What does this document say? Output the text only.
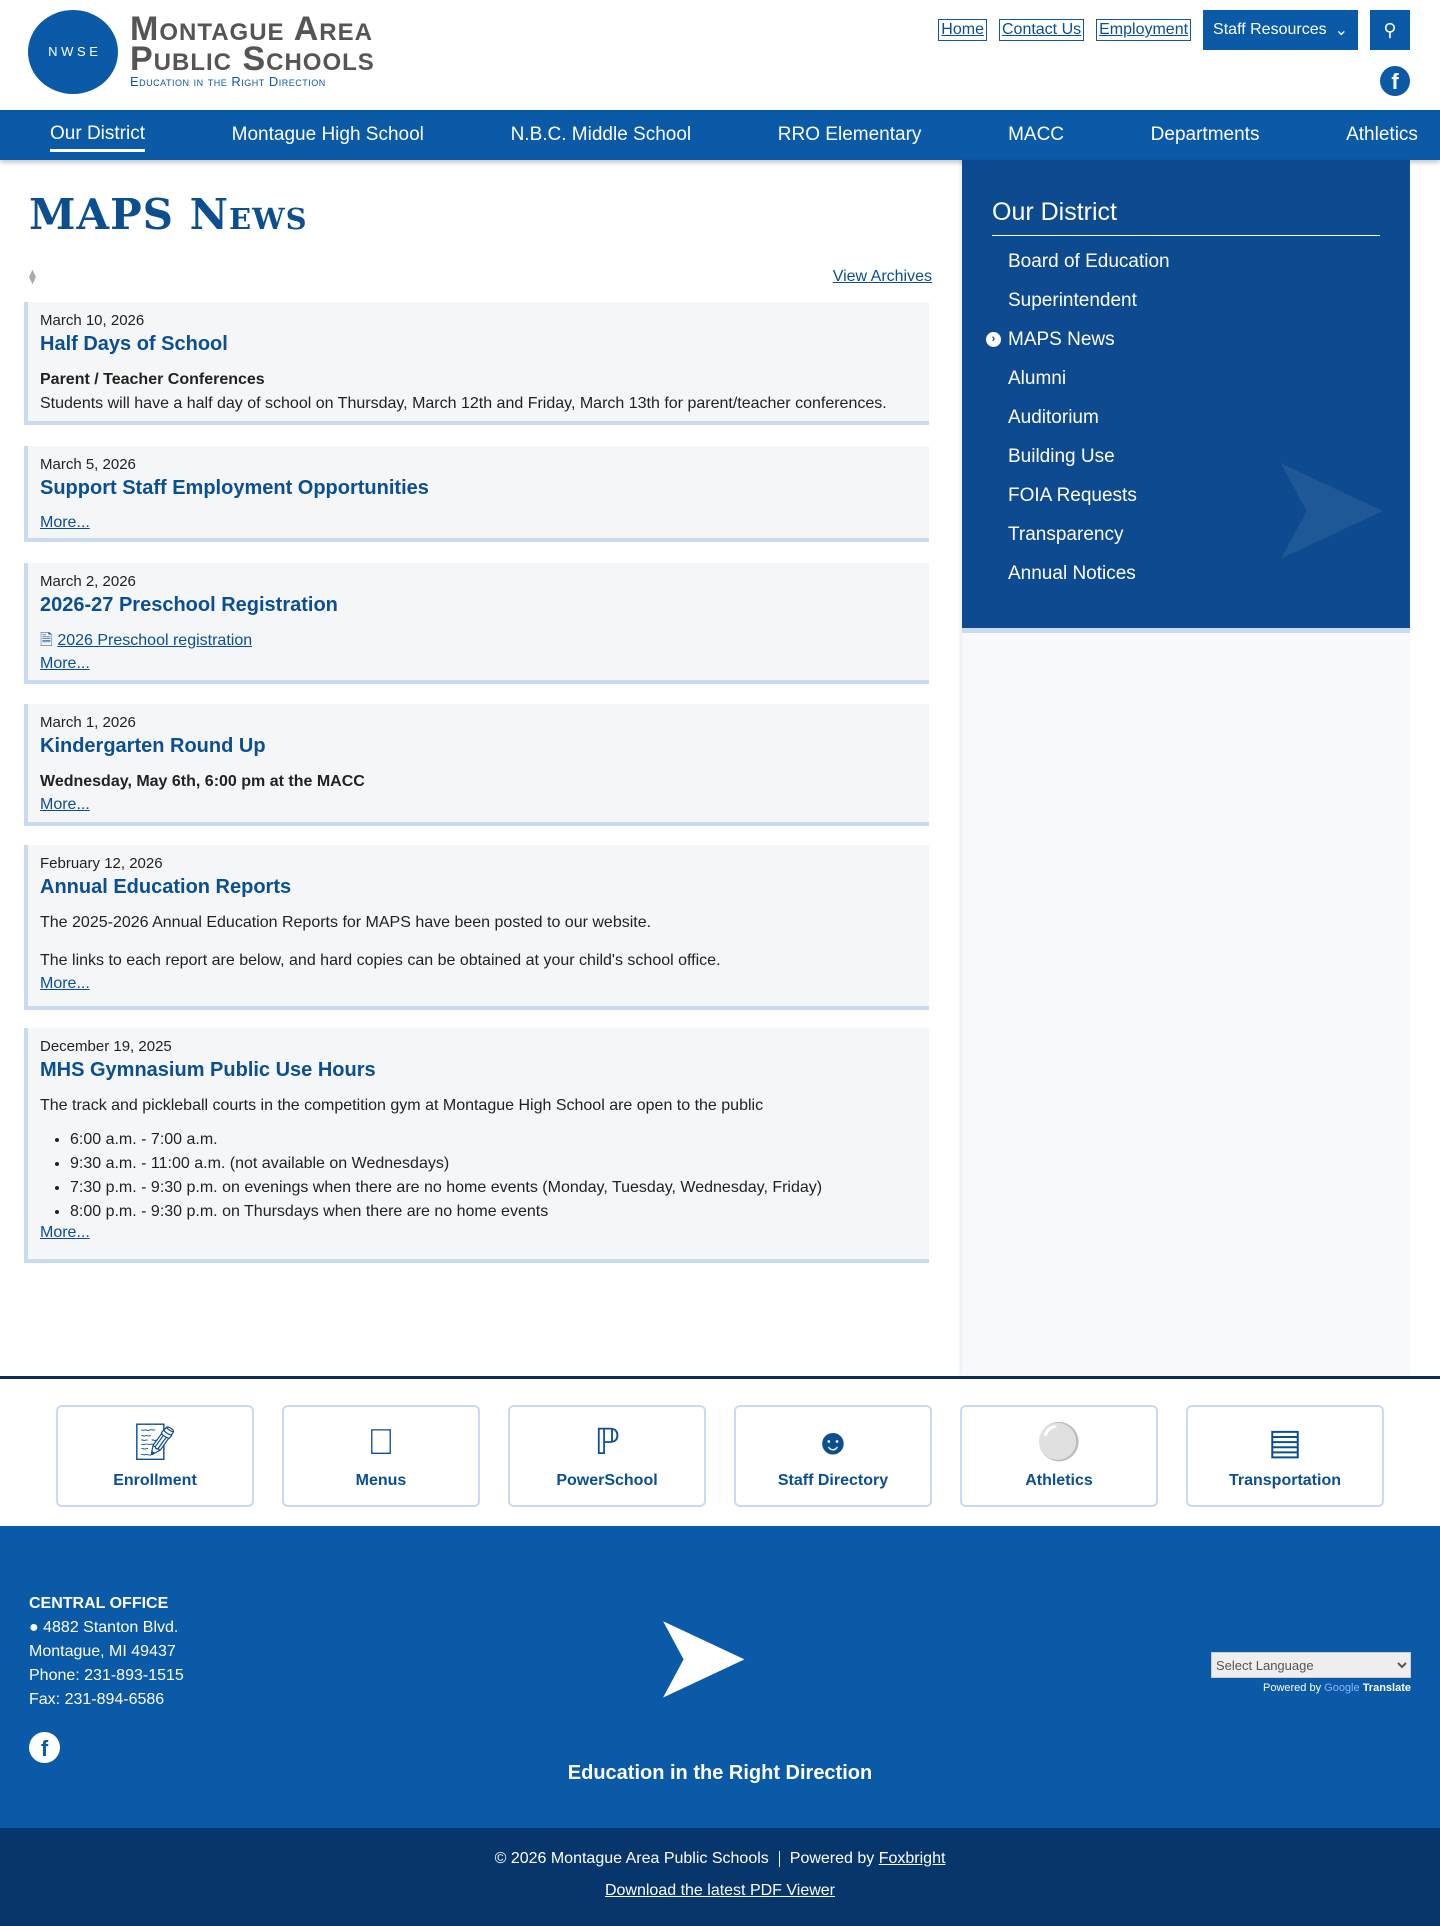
N W S E
Montague Area
Public Schools
Education in the Right Direction
Home Contact Us Employment Staff Resources ⌄ ⚲
f
Our District	Montague High School	N.B.C. Middle School	RRO Elementary	MACC	Departments	Athletics
MAPS News
⧫	View Archives
March 10, 2026
Half Days of School

Parent / Teacher Conferences

Students will have a half day of school on Thursday, March 12th and Friday, March 13th for parent/teacher conferences.

March 5, 2026
Support Staff Employment Opportunities
More...
March 2, 2026
2026-27 Preschool Registration

🗎 2026 Preschool registration

More...
March 1, 2026
Kindergarten Round Up

Wednesday, May 6th, 6:00 pm at the MACC

More...
February 12, 2026
Annual Education Reports

The 2025-2026 Annual Education Reports for MAPS have been posted to our website.

The links to each report are below, and hard copies can be obtained at your child's school office.

More...
December 19, 2025
MHS Gymnasium Public Use Hours

The track and pickleball courts in the competition gym at Montague High School are open to the public

• 6:00 a.m. - 7:00 a.m.
• 9:30 a.m. - 11:00 a.m. (not available on Wednesdays)
• 7:30 p.m. - 9:30 p.m. on evenings when there are no home events (Monday, Tuesday, Wednesday, Friday)
• 8:00 p.m. - 9:30 p.m. on Thursdays when there are no home events
More...
➤
Our District
Board of Education
Superintendent
› MAPS News
Alumni
Auditorium
Building Use
FOIA Requests
Transparency
Annual Notices
📝︎
Enrollment
Menus	ℙ
PowerSchool
☻
Staff Directory
⚪
Athletics
▤
Transportation
CENTRAL OFFICE
● 4882 Stanton Blvd.
Montague, MI 49437
Phone: 231-893-1515
Fax: 231-894-6586
f
➤
Education in the Right Direction
Select Language
Powered by Google Translate
© 2026 Montague Area Public Schools Powered by Foxbright
Download the latest PDF Viewer
